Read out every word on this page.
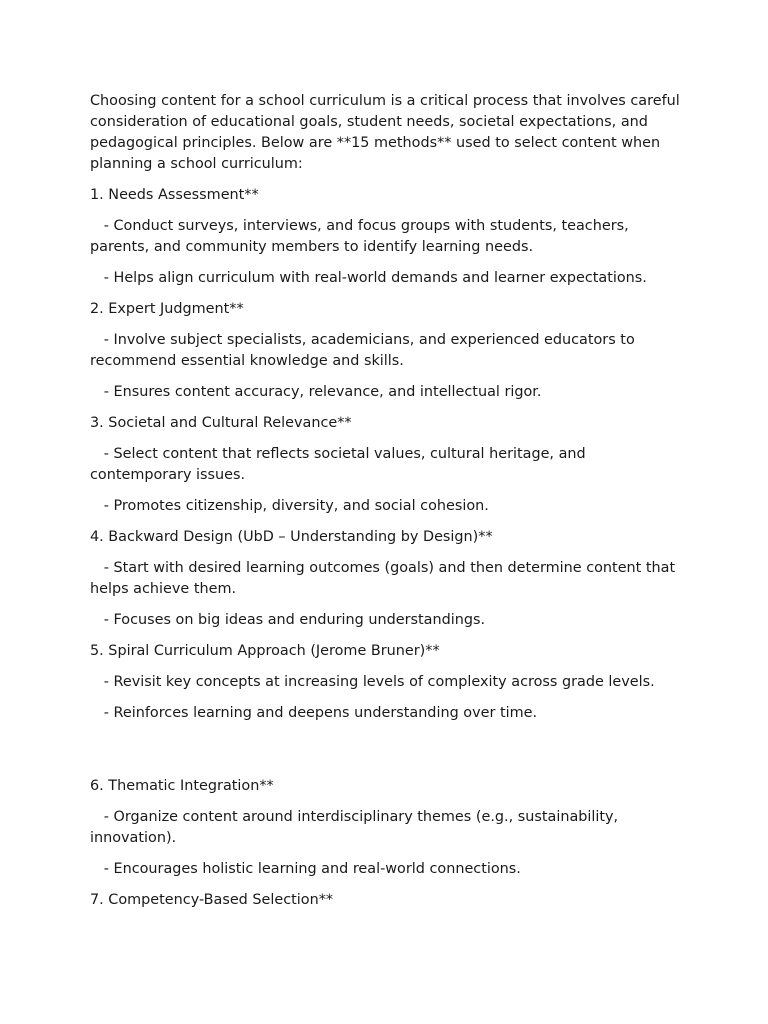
Choosing content for a school curriculum is a critical process that involves careful consideration of educational goals, student needs, societal expectations, and pedagogical principles. Below are **15 methods** used to select content when planning a school curriculum:

1. Needs Assessment**

- Conduct surveys, interviews, and focus groups with students, teachers, parents, and community members to identify learning needs.

- Helps align curriculum with real-world demands and learner expectations.

2. Expert Judgment**

- Involve subject specialists, academicians, and experienced educators to recommend essential knowledge and skills.

- Ensures content accuracy, relevance, and intellectual rigor.

3. Societal and Cultural Relevance**

- Select content that reflects societal values, cultural heritage, and contemporary issues.

- Promotes citizenship, diversity, and social cohesion.

4. Backward Design (UbD – Understanding by Design)**

- Start with desired learning outcomes (goals) and then determine content that helps achieve them.

- Focuses on big ideas and enduring understandings.

5. Spiral Curriculum Approach (Jerome Bruner)**

- Revisit key concepts at increasing levels of complexity across grade levels.

- Reinforces learning and deepens understanding over time.

6. Thematic Integration**

- Organize content around interdisciplinary themes (e.g., sustainability, innovation).

- Encourages holistic learning and real-world connections.

7. Competency-Based Selection**
